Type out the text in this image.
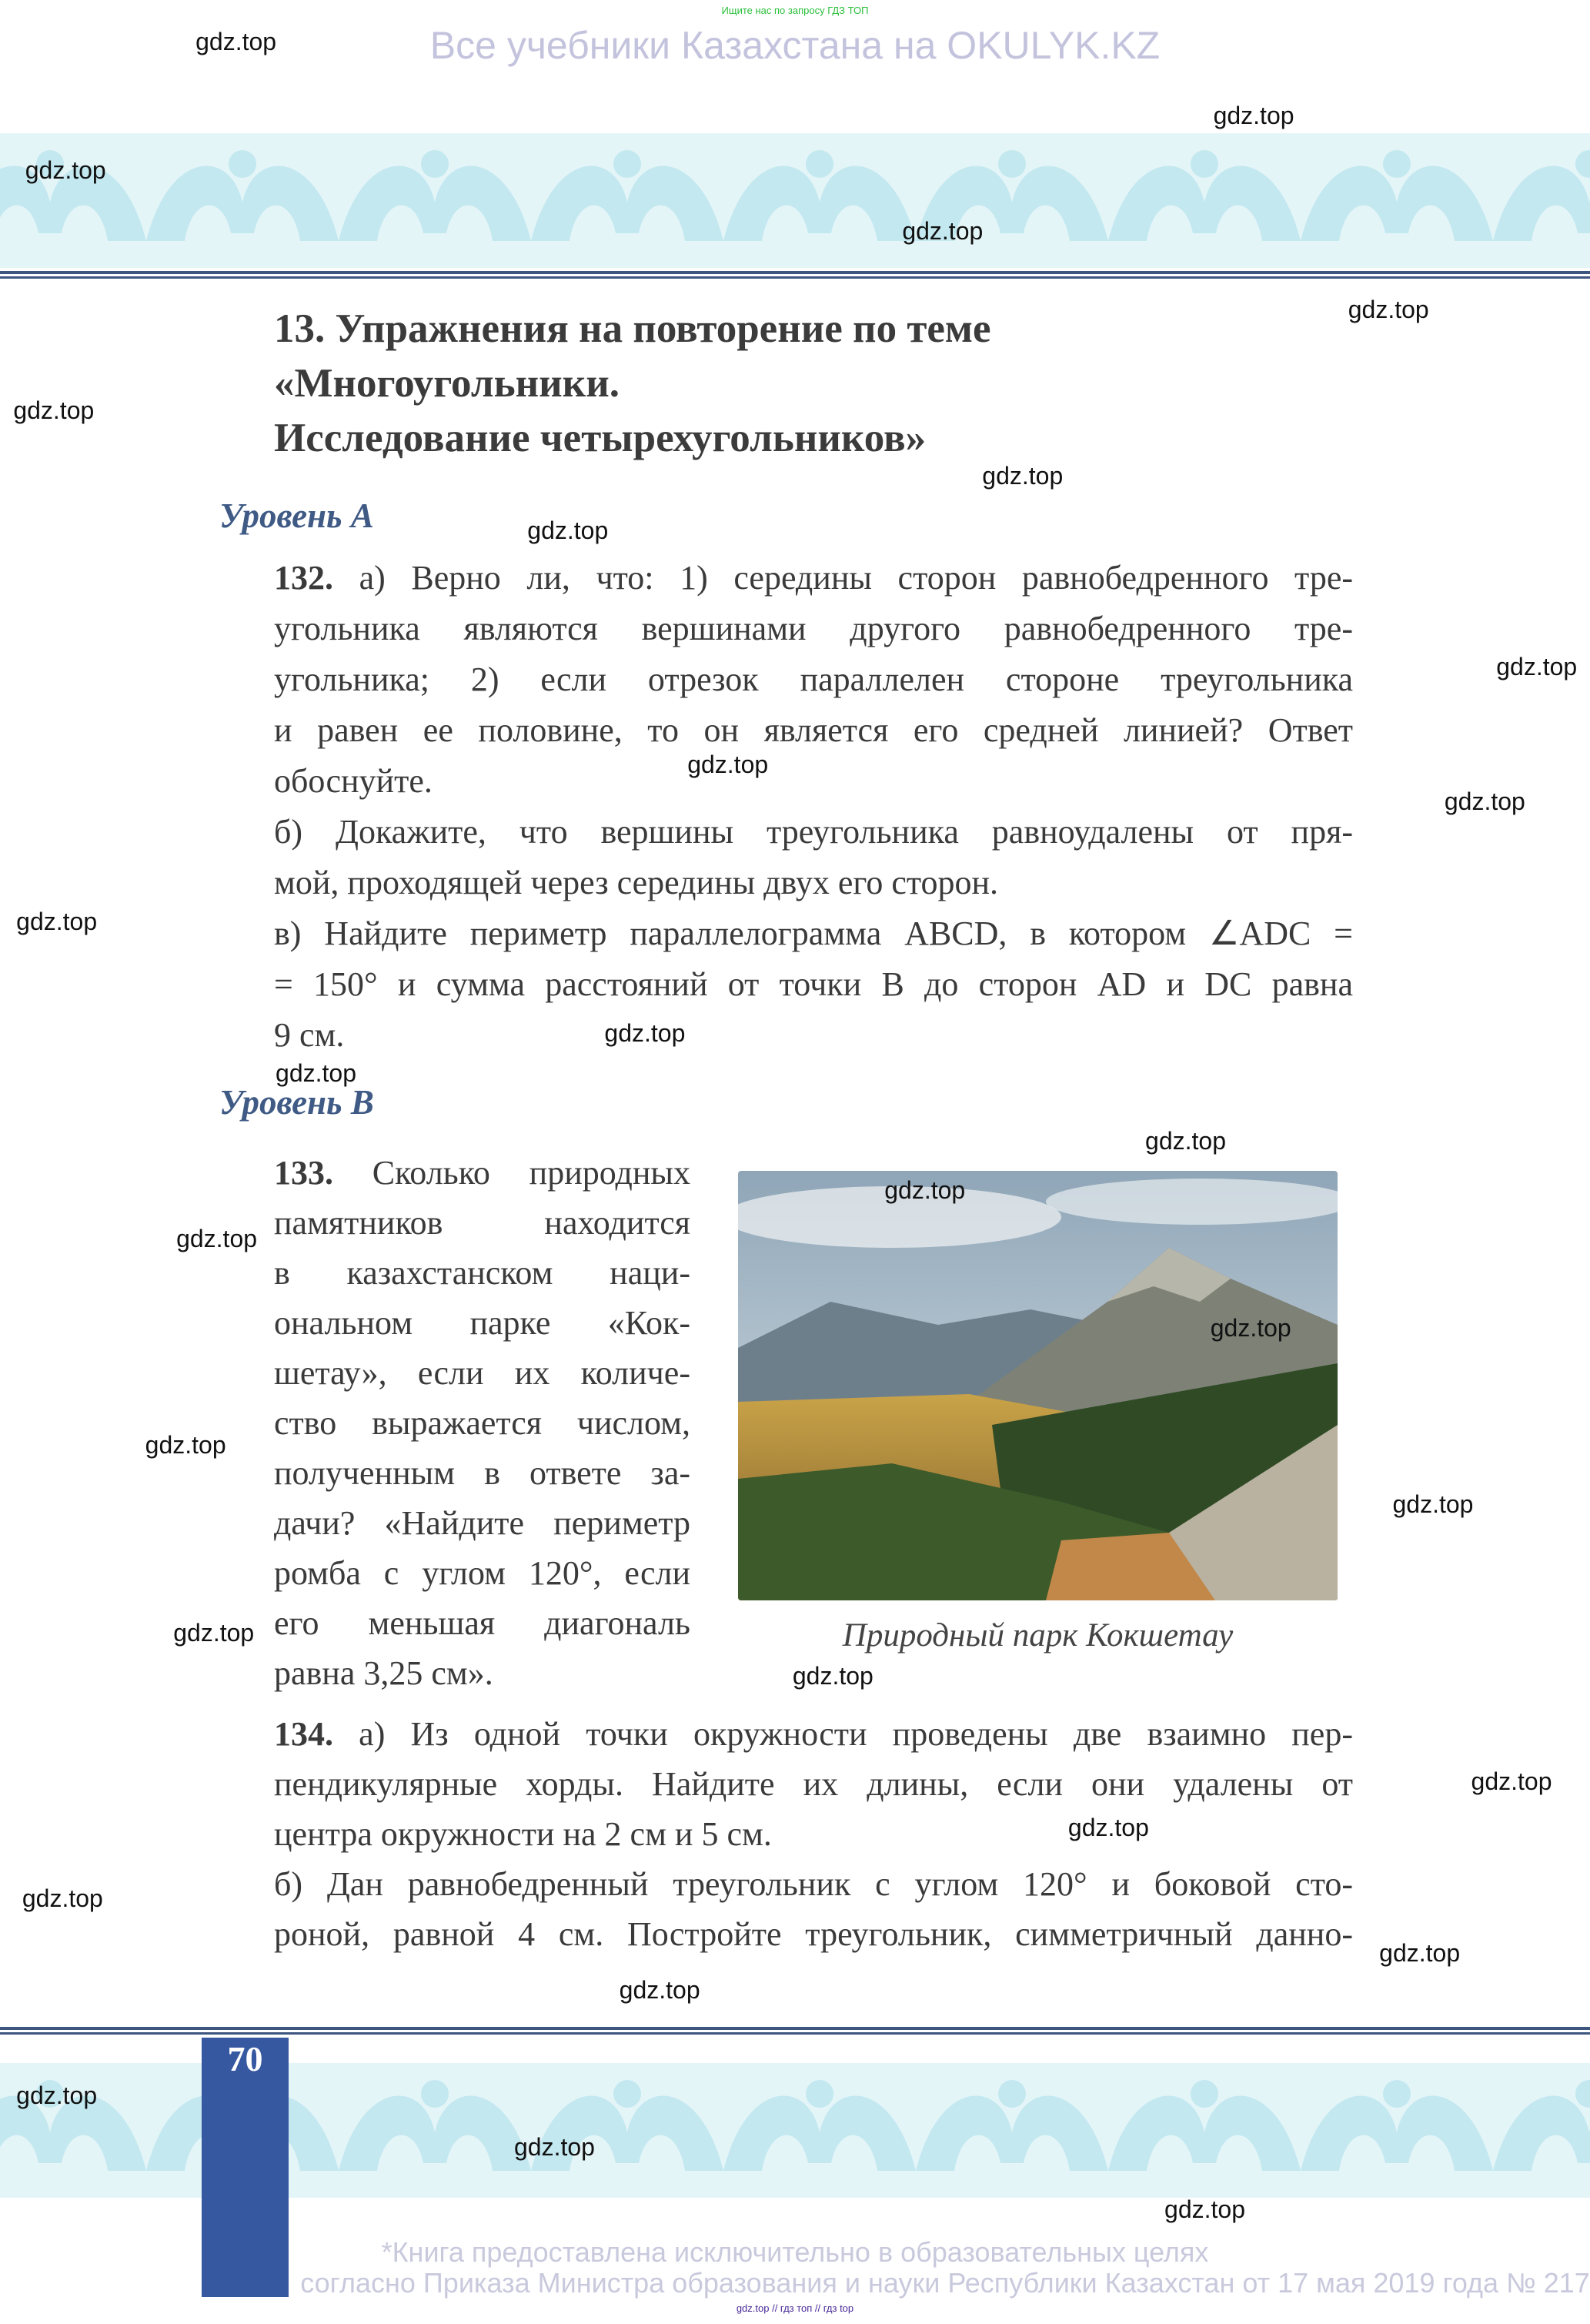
Ищите нас по запросу ГДЗ ТОП
Все учебники Казахстана на OKULYK.KZ
13. Упражнения на повторение по теме
«Многоугольники.
Исследование четырехугольников»
Уровень А
132. а) Верно ли, что: 1) середины сторон равнобедренного тре-
угольника являются вершинами другого равнобедренного тре-
угольника; 2) если отрезок параллелен стороне треугольника
и равен ее половине, то он является его средней линией? Ответ
обоснуйте.
б) Докажите, что вершины треугольника равноудалены от пря-
мой, проходящей через середины двух его сторон.
в) Найдите периметр параллелограмма ABCD, в котором ∠ADC =
= 150° и сумма расстояний от точки B до сторон AD и DC равна
9 см.
Уровень В
133. Сколько природных
памятников находится
в казахстанском наци-
ональном парке «Кок-
шетау», если их количе-
ство выражается числом,
полученным в ответе за-
дачи? «Найдите периметр
ромба с углом 120°, если
его меньшая диагональ
равна 3,25 см».
Природный парк Кокшетау
134. а) Из одной точки окружности проведены две взаимно пер-
пендикулярные хорды. Найдите их длины, если они удалены от
центра окружности на 2 см и 5 см.
б) Дан равнобедренный треугольник с углом 120° и боковой сто-
роной, равной 4 см. Постройте треугольник, симметричный данно-
70
*Книга предоставлена исключительно в образовательных целях
согласно Приказа Министра образования и науки Республики Казахстан от 17 мая 2019 года № 217
gdz.top // гдз топ // гдз top
gdz.top
gdz.top
gdz.top
gdz.top
gdz.top
gdz.top
gdz.top
gdz.top
gdz.top
gdz.top
gdz.top
gdz.top
gdz.top
gdz.top
gdz.top
gdz.top
gdz.top
gdz.top
gdz.top
gdz.top
gdz.top
gdz.top
gdz.top
gdz.top
gdz.top
gdz.top
gdz.top
gdz.top
gdz.top
gdz.top
